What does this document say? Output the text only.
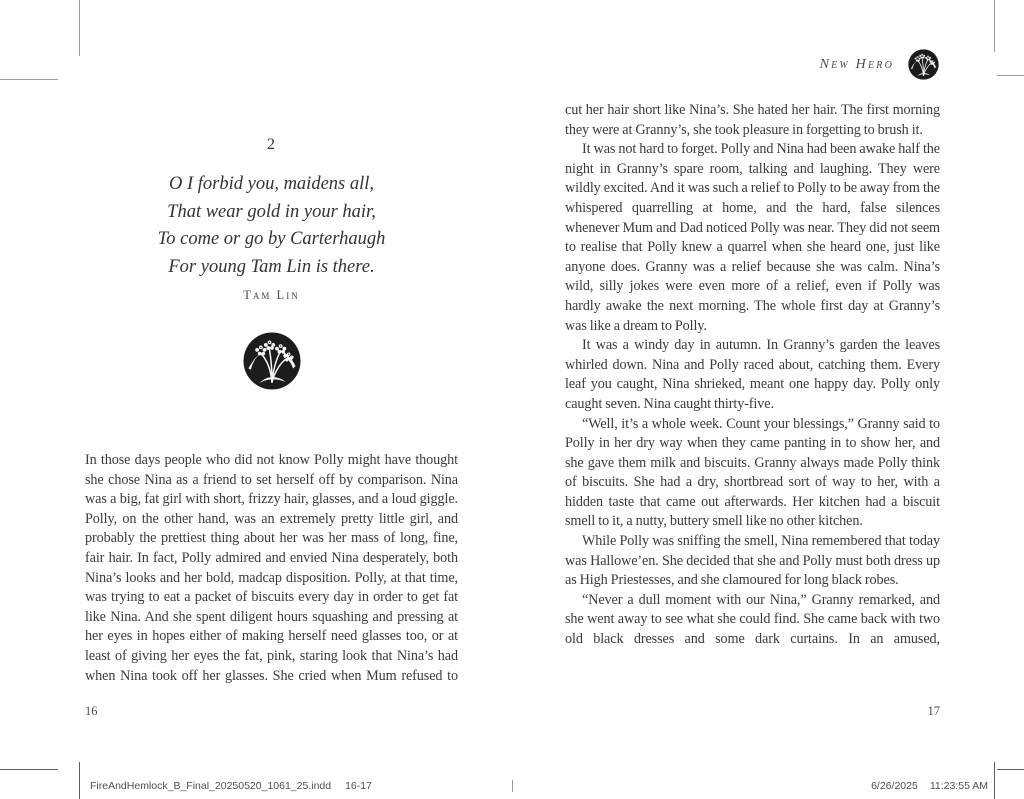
2
O I forbid you, maidens all,
That wear gold in your hair,
To come or go by Carterhaugh
For young Tam Lin is there.
Tam Lin

In those days people who did not know Polly might have thought she chose Nina as a friend to set herself off by comparison. Nina was a big, fat girl with short, frizzy hair, glasses, and a loud giggle. Polly, on the other hand, was an extremely pretty little girl, and probably the prettiest thing about her was her mass of long, fine, fair hair. In fact, Polly admired and envied Nina desperately, both Nina’s looks and her bold, madcap disposition. Polly, at that time, was trying to eat a packet of biscuits every day in order to get fat like Nina. And she spent diligent hours squashing and pressing at her eyes in hopes either of making herself need glasses too, or at least of giving her eyes the fat, pink, staring look that Nina’s had when Nina took off her glasses. She cried when Mum refused to

16
New Hero

cut her hair short like Nina’s. She hated her hair. The first morning they were at Granny’s, she took pleasure in forgetting to brush it.

It was not hard to forget. Polly and Nina had been awake half the night in Granny’s spare room, talking and laughing. They were wildly excited. And it was such a relief to Polly to be away from the whispered quarrelling at home, and the hard, false silences whenever Mum and Dad noticed Polly was near. They did not seem to realise that Polly knew a quarrel when she heard one, just like anyone does. Granny was a relief because she was calm. Nina’s wild, silly jokes were even more of a relief, even if Polly was hardly awake the next morning. The whole first day at Granny’s was like a dream to Polly.

It was a windy day in autumn. In Granny’s garden the leaves whirled down. Nina and Polly raced about, catching them. Every leaf you caught, Nina shrieked, meant one happy day. Polly only caught seven. Nina caught thirty-five.

“Well, it’s a whole week. Count your blessings,” Granny said to Polly in her dry way when they came panting in to show her, and she gave them milk and biscuits. Granny always made Polly think of biscuits. She had a dry, shortbread sort of way to her, with a hidden taste that came out afterwards. Her kitchen had a biscuit smell to it, a nutty, buttery smell like no other kitchen.

While Polly was sniffing the smell, Nina remembered that today was Hallowe’en. She decided that she and Polly must both dress up as High Priestesses, and she clamoured for long black robes.

“Never a dull moment with our Nina,” Granny remarked, and she went away to see what she could find. She came back with two old black dresses and some dark curtains. In an amused,

17
FireAndHemlock_B_Final_20250520_1061_25.indd 16-17	6/26/2025 11:23:55 AM
